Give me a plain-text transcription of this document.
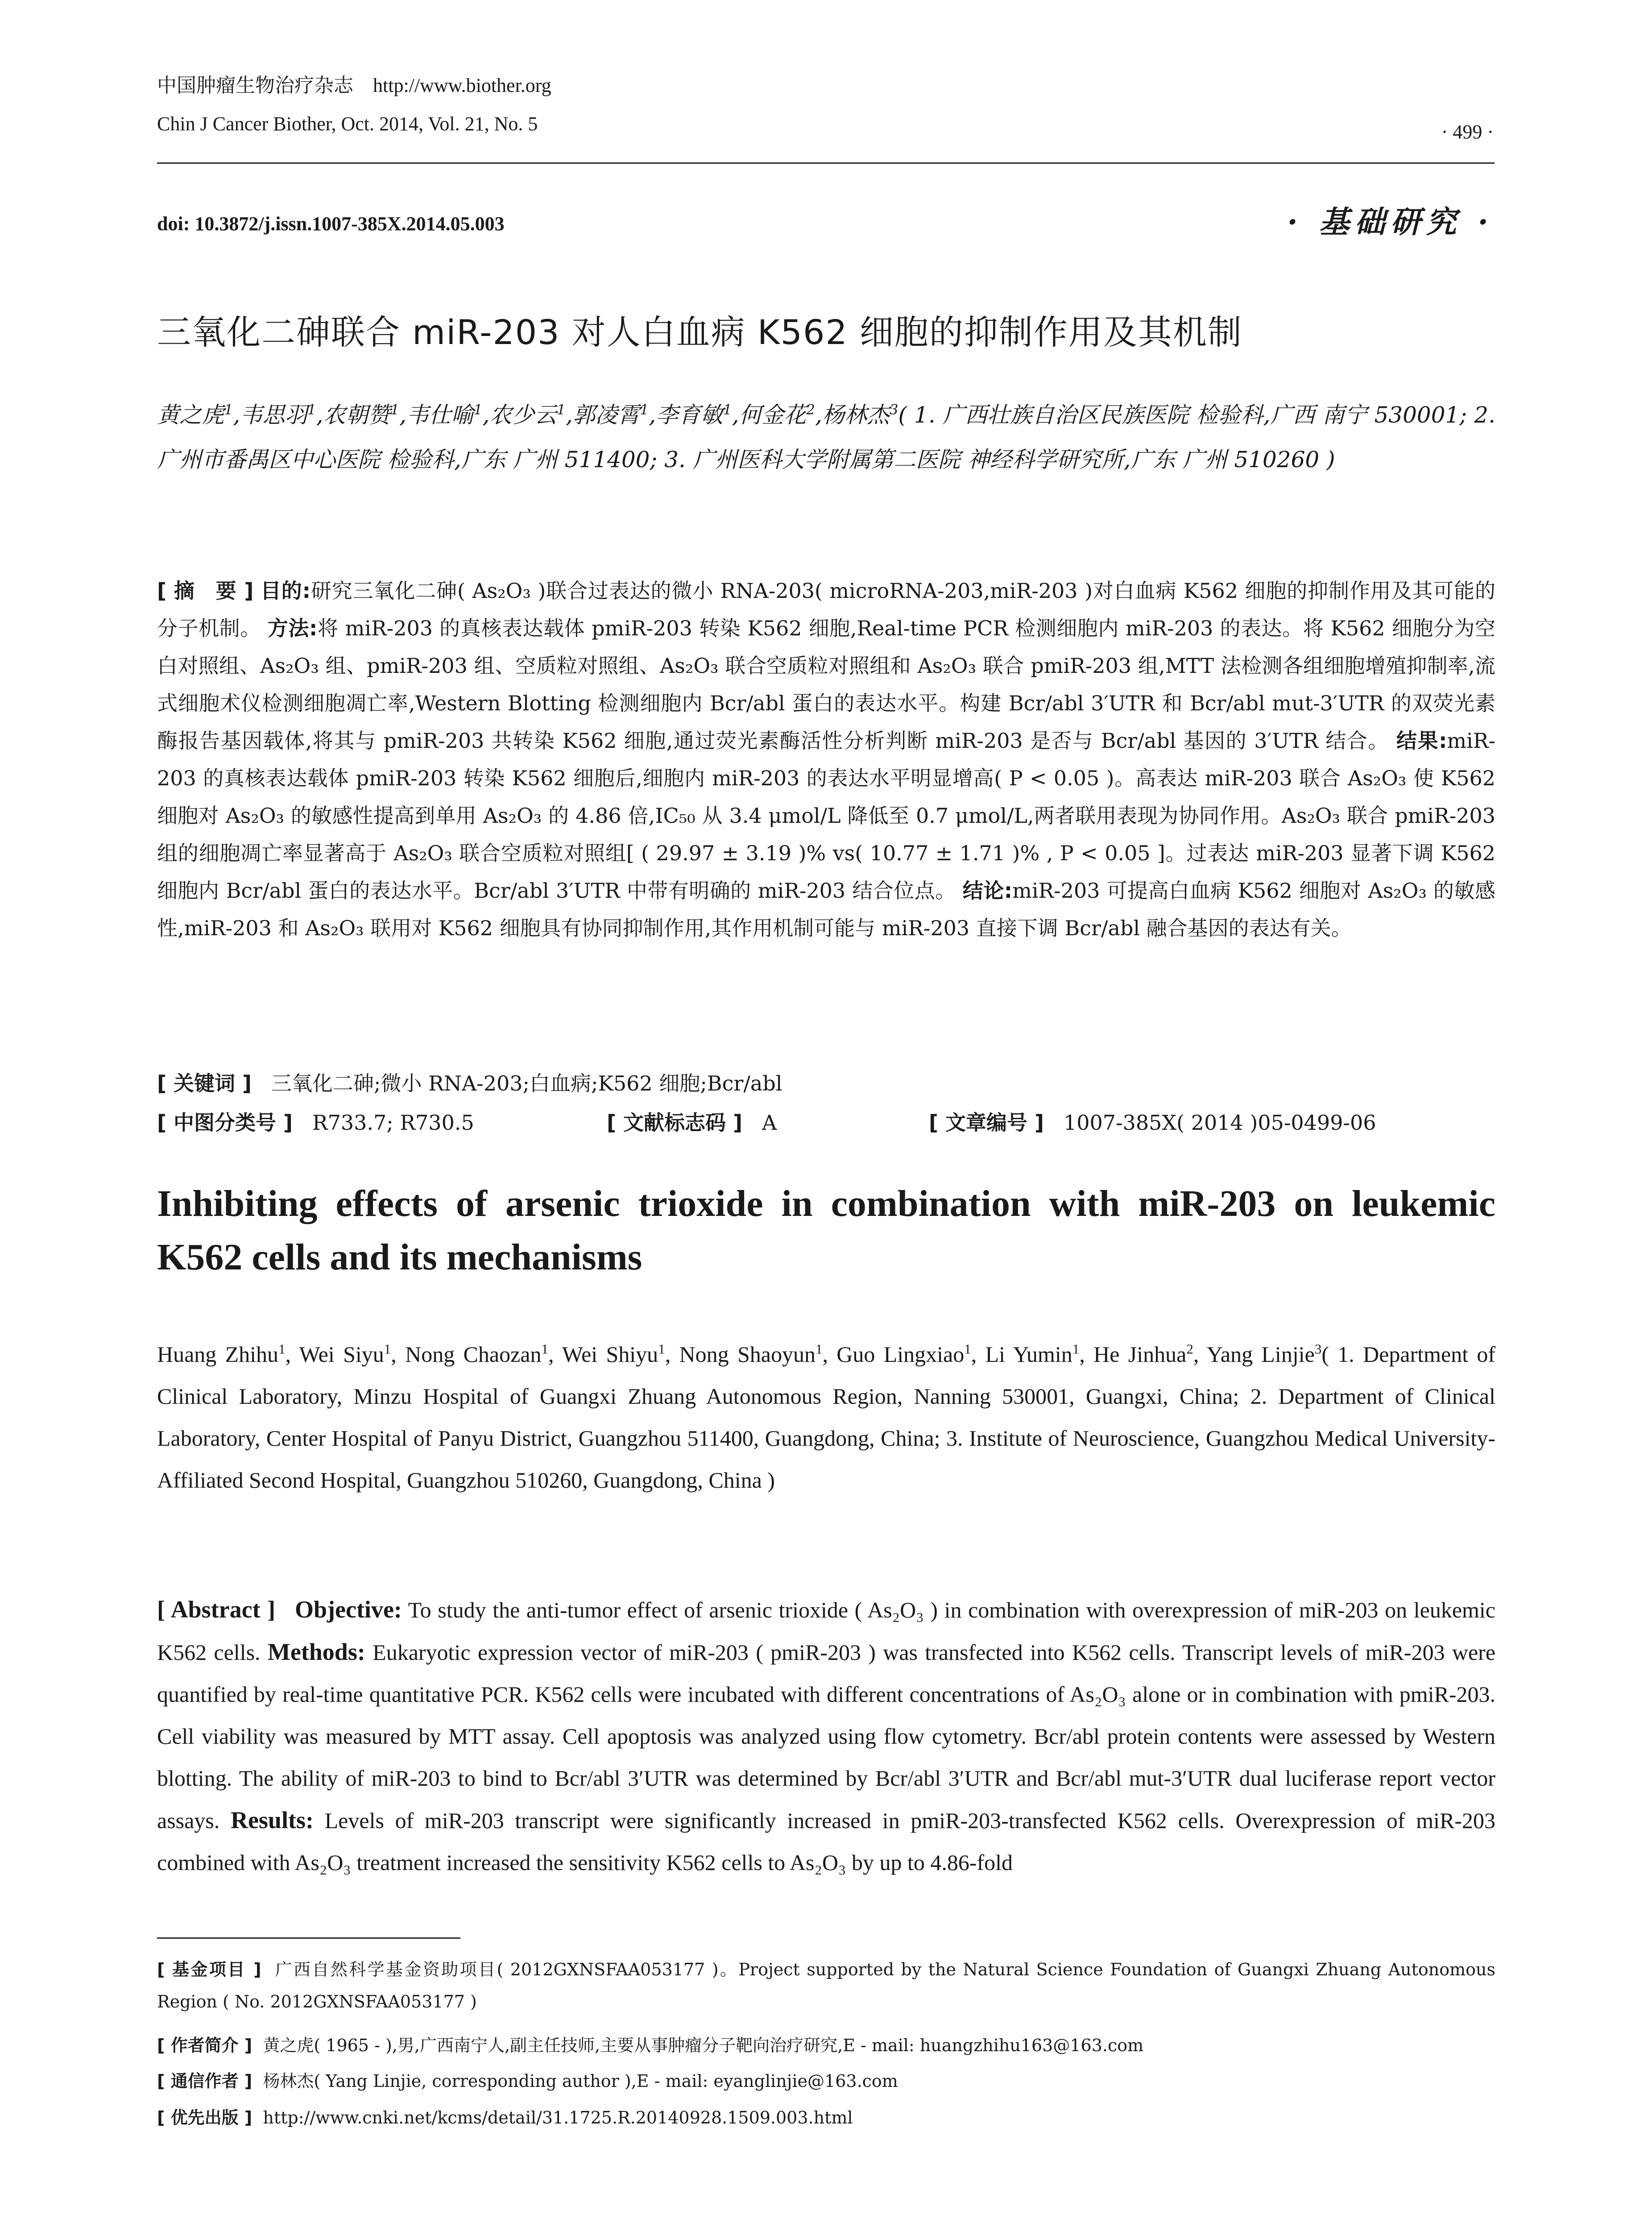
中国肿瘤生物治疗杂志 http://www.biother.org
Chin J Cancer Biother, Oct. 2014, Vol. 21, No. 5	· 499 ·
doi: 10.3872/j.issn.1007-385X.2014.05.003	· 基础研究 ·
三氧化二砷联合 miR-203 对人白血病 K562 细胞的抑制作用及其机制
黄之虎$^1$,韦思羽$^1$,农朝赞$^1$,韦仕喻$^1$,农少云$^1$,郭凌霄$^1$,李育敏$^1$,何金花$^2$,杨林杰$^3$( 1. 广西壮族自治区民族医院 检验科,广西 南宁 530001; 2. 广州市番禺区中心医院 检验科,广东 广州 511400; 3. 广州医科大学附属第二医院 神经科学研究所,广东 广州 510260 )
[ 摘　要 ] 目的:研究三氧化二砷( As₂O₃ )联合过表达的微小 RNA-203( microRNA-203,miR-203 )对白血病 K562 细胞的抑制作用及其可能的分子机制。 方法:将 miR-203 的真核表达载体 pmiR-203 转染 K562 细胞,Real-time PCR 检测细胞内 miR-203 的表达。将 K562 细胞分为空白对照组、As₂O₃ 组、pmiR-203 组、空质粒对照组、As₂O₃ 联合空质粒对照组和 As₂O₃ 联合 pmiR-203 组,MTT 法检测各组细胞增殖抑制率,流式细胞术仪检测细胞凋亡率,Western Blotting 检测细胞内 Bcr/abl 蛋白的表达水平。构建 Bcr/abl 3′UTR 和 Bcr/abl mut-3′UTR 的双荧光素酶报告基因载体,将其与 pmiR-203 共转染 K562 细胞,通过荧光素酶活性分析判断 miR-203 是否与 Bcr/abl 基因的 3′UTR 结合。 结果:miR-203 的真核表达载体 pmiR-203 转染 K562 细胞后,细胞内 miR-203 的表达水平明显增高( P < 0.05 )。高表达 miR-203 联合 As₂O₃ 使 K562 细胞对 As₂O₃ 的敏感性提高到单用 As₂O₃ 的 4.86 倍,IC₅₀ 从 3.4 μmol/L 降低至 0.7 μmol/L,两者联用表现为协同作用。As₂O₃ 联合 pmiR-203 组的细胞凋亡率显著高于 As₂O₃ 联合空质粒对照组[ ( 29.97 ± 3.19 )% vs( 10.77 ± 1.71 )% , P < 0.05 ]。过表达 miR-203 显著下调 K562 细胞内 Bcr/abl 蛋白的表达水平。Bcr/abl 3′UTR 中带有明确的 miR-203 结合位点。 结论:miR-203 可提高白血病 K562 细胞对 As₂O₃ 的敏感性,miR-203 和 As₂O₃ 联用对 K562 细胞具有协同抑制作用,其作用机制可能与 miR-203 直接下调 Bcr/abl 融合基因的表达有关。
[ 关键词 ] 三氧化二砷;微小 RNA-203;白血病;K562 细胞;Bcr/abl
[ 中图分类号 ] R733.7; R730.5	[ 文献标志码 ] A	[ 文章编号 ] 1007-385X( 2014 )05-0499-06
Inhibiting effects of arsenic trioxide in combination with miR-203 on leukemic K562 cells and its mechanisms
Huang Zhihu$^1$, Wei Siyu$^1$, Nong Chaozan$^1$, Wei Shiyu$^1$, Nong Shaoyun$^1$, Guo Lingxiao$^1$, Li Yumin$^1$, He Jinhua$^2$, Yang Linjie$^3$( 1. Department of Clinical Laboratory, Minzu Hospital of Guangxi Zhuang Autonomous Region, Nanning 530001, Guangxi, China; 2. Department of Clinical Laboratory, Center Hospital of Panyu District, Guangzhou 511400, Guangdong, China; 3. Institute of Neuroscience, Guangzhou Medical University-Affiliated Second Hospital, Guangzhou 510260, Guangdong, China )
[ Abstract ] Objective: To study the anti-tumor effect of arsenic trioxide ( As₂O₃ ) in combination with overexpression of miR-203 on leukemic K562 cells. Methods: Eukaryotic expression vector of miR-203 ( pmiR-203 ) was transfected into K562 cells. Transcript levels of miR-203 were quantified by real-time quantitative PCR. K562 cells were incubated with different concentrations of As₂O₃ alone or in combination with pmiR-203. Cell viability was measured by MTT assay. Cell apoptosis was analyzed using flow cytometry. Bcr/abl protein contents were assessed by Western blotting. The ability of miR-203 to bind to Bcr/abl 3′UTR was determined by Bcr/abl 3′UTR and Bcr/abl mut-3′UTR dual luciferase report vector assays. Results: Levels of miR-203 transcript were significantly increased in pmiR-203-transfected K562 cells. Overexpression of miR-203 combined with As₂O₃ treatment increased the sensitivity K562 cells to As₂O₃ by up to 4.86-fold
[ 基金项目 ] 广西自然科学基金资助项目( 2012GXNSFAA053177 )。Project supported by the Natural Science Foundation of Guangxi Zhuang Autonomous Region ( No. 2012GXNSFAA053177 )
[ 作者简介 ] 黄之虎( 1965 - ),男,广西南宁人,副主任技师,主要从事肿瘤分子靶向治疗研究,E - mail: huangzhihu163@163.com
[ 通信作者 ] 杨林杰( Yang Linjie, corresponding author ),E - mail: eyanglinjie@163.com
[ 优先出版 ] http://www.cnki.net/kcms/detail/31.1725.R.20140928.1509.003.html
